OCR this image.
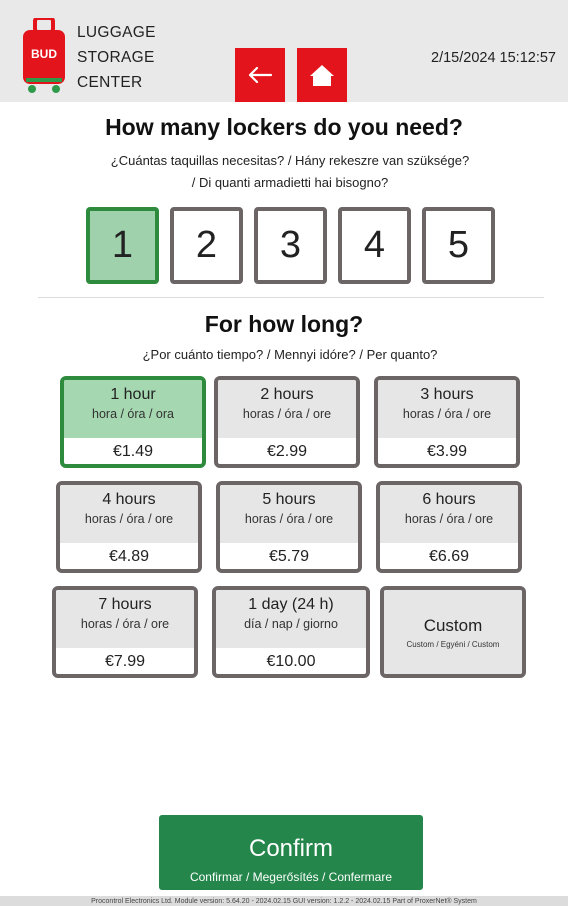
BUD
LUGGAGE
STORAGE
CENTER
2/15/2024 15:12:57
How many lockers do you need?
¿Cuántas taquillas necesitas? / Hány rekeszre van szüksége?
/ Di quanti armadietti hai bisogno?
1	2	3	4	5
For how long?
¿Por cuánto tiempo? / Mennyi idóre? / Per quanto?
1 hour
hora / óra / ora
€1.49
2 hours
horas / óra / ore
€2.99
3 hours
horas / óra / ore
€3.99
4 hours
horas / óra / ore
€4.89
5 hours
horas / óra / ore
€5.79
6 hours
horas / óra / ore
€6.69
7 hours
horas / óra / ore
€7.99
1 day (24 h)
día / nap / giorno
€10.00
Custom
Custom / Egyéni / Custom
Confirm
Confirmar / Megerősítés / Confermare
Procontrol Electronics Ltd. Module version: 5.64.20 - 2024.02.15 GUI version: 1.2.2 - 2024.02.15 Part of ProxerNet® System
